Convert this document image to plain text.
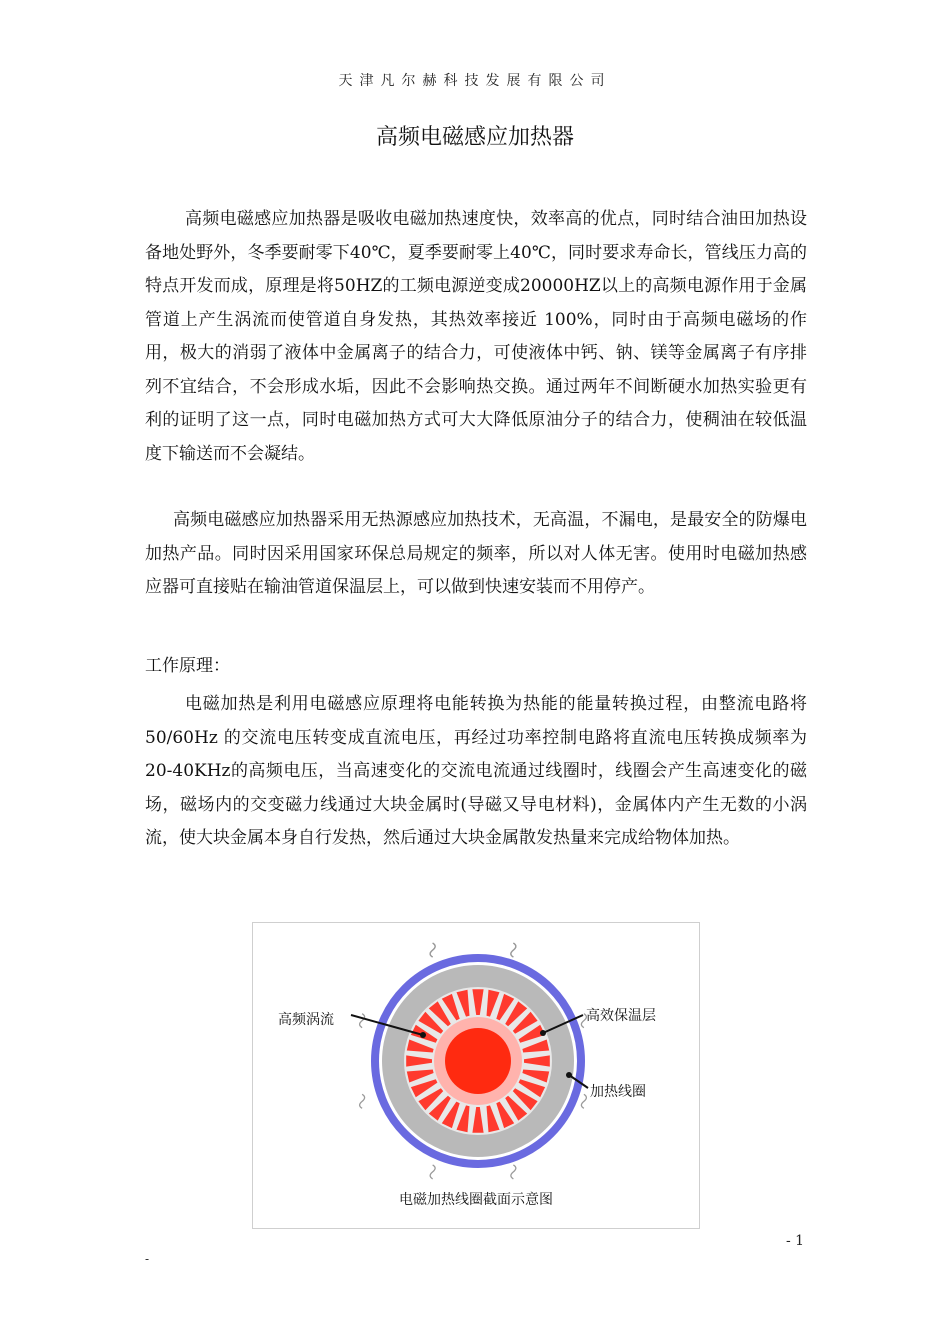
天津凡尔赫科技发展有限公司
高频电磁感应加热器
高频电磁感应加热器是吸收电磁加热速度快，效率高的优点，同时结合油田加热设备地处野外，冬季要耐零下40℃，夏季要耐零上40℃，同时要求寿命长，管线压力高的特点开发而成，原理是将50HZ的工频电源逆变成20000HZ以上的高频电源作用于金属管道上产生涡流而使管道自身发热，其热效率接近 100%，同时由于高频电磁场的作用，极大的消弱了液体中金属离子的结合力，可使液体中钙、钠、镁等金属离子有序排列不宜结合，不会形成水垢，因此不会影响热交换。通过两年不间断硬水加热实验更有利的证明了这一点，同时电磁加热方式可大大降低原油分子的结合力，使稠油在较低温度下输送而不会凝结。
高频电磁感应加热器采用无热源感应加热技术，无高温，不漏电，是最安全的防爆电加热产品。同时因采用国家环保总局规定的频率，所以对人体无害。使用时电磁加热感应器可直接贴在输油管道保温层上，可以做到快速安装而不用停产。
工作原理：
电磁加热是利用电磁感应原理将电能转换为热能的能量转换过程，由整流电路将 50/60Hz 的交流电压转变成直流电压，再经过功率控制电路将直流电压转换成频率为20-40KHz的高频电压，当高速变化的交流电流通过线圈时，线圈会产生高速变化的磁场，磁场内的交变磁力线通过大块金属时(导磁又导电材料)，金属体内产生无数的小涡流，使大块金属本身自行发热，然后通过大块金属散发热量来完成给物体加热。
高频涡流	高效保温层
加热线圈
电磁加热线圈截面示意图
- 1
-
